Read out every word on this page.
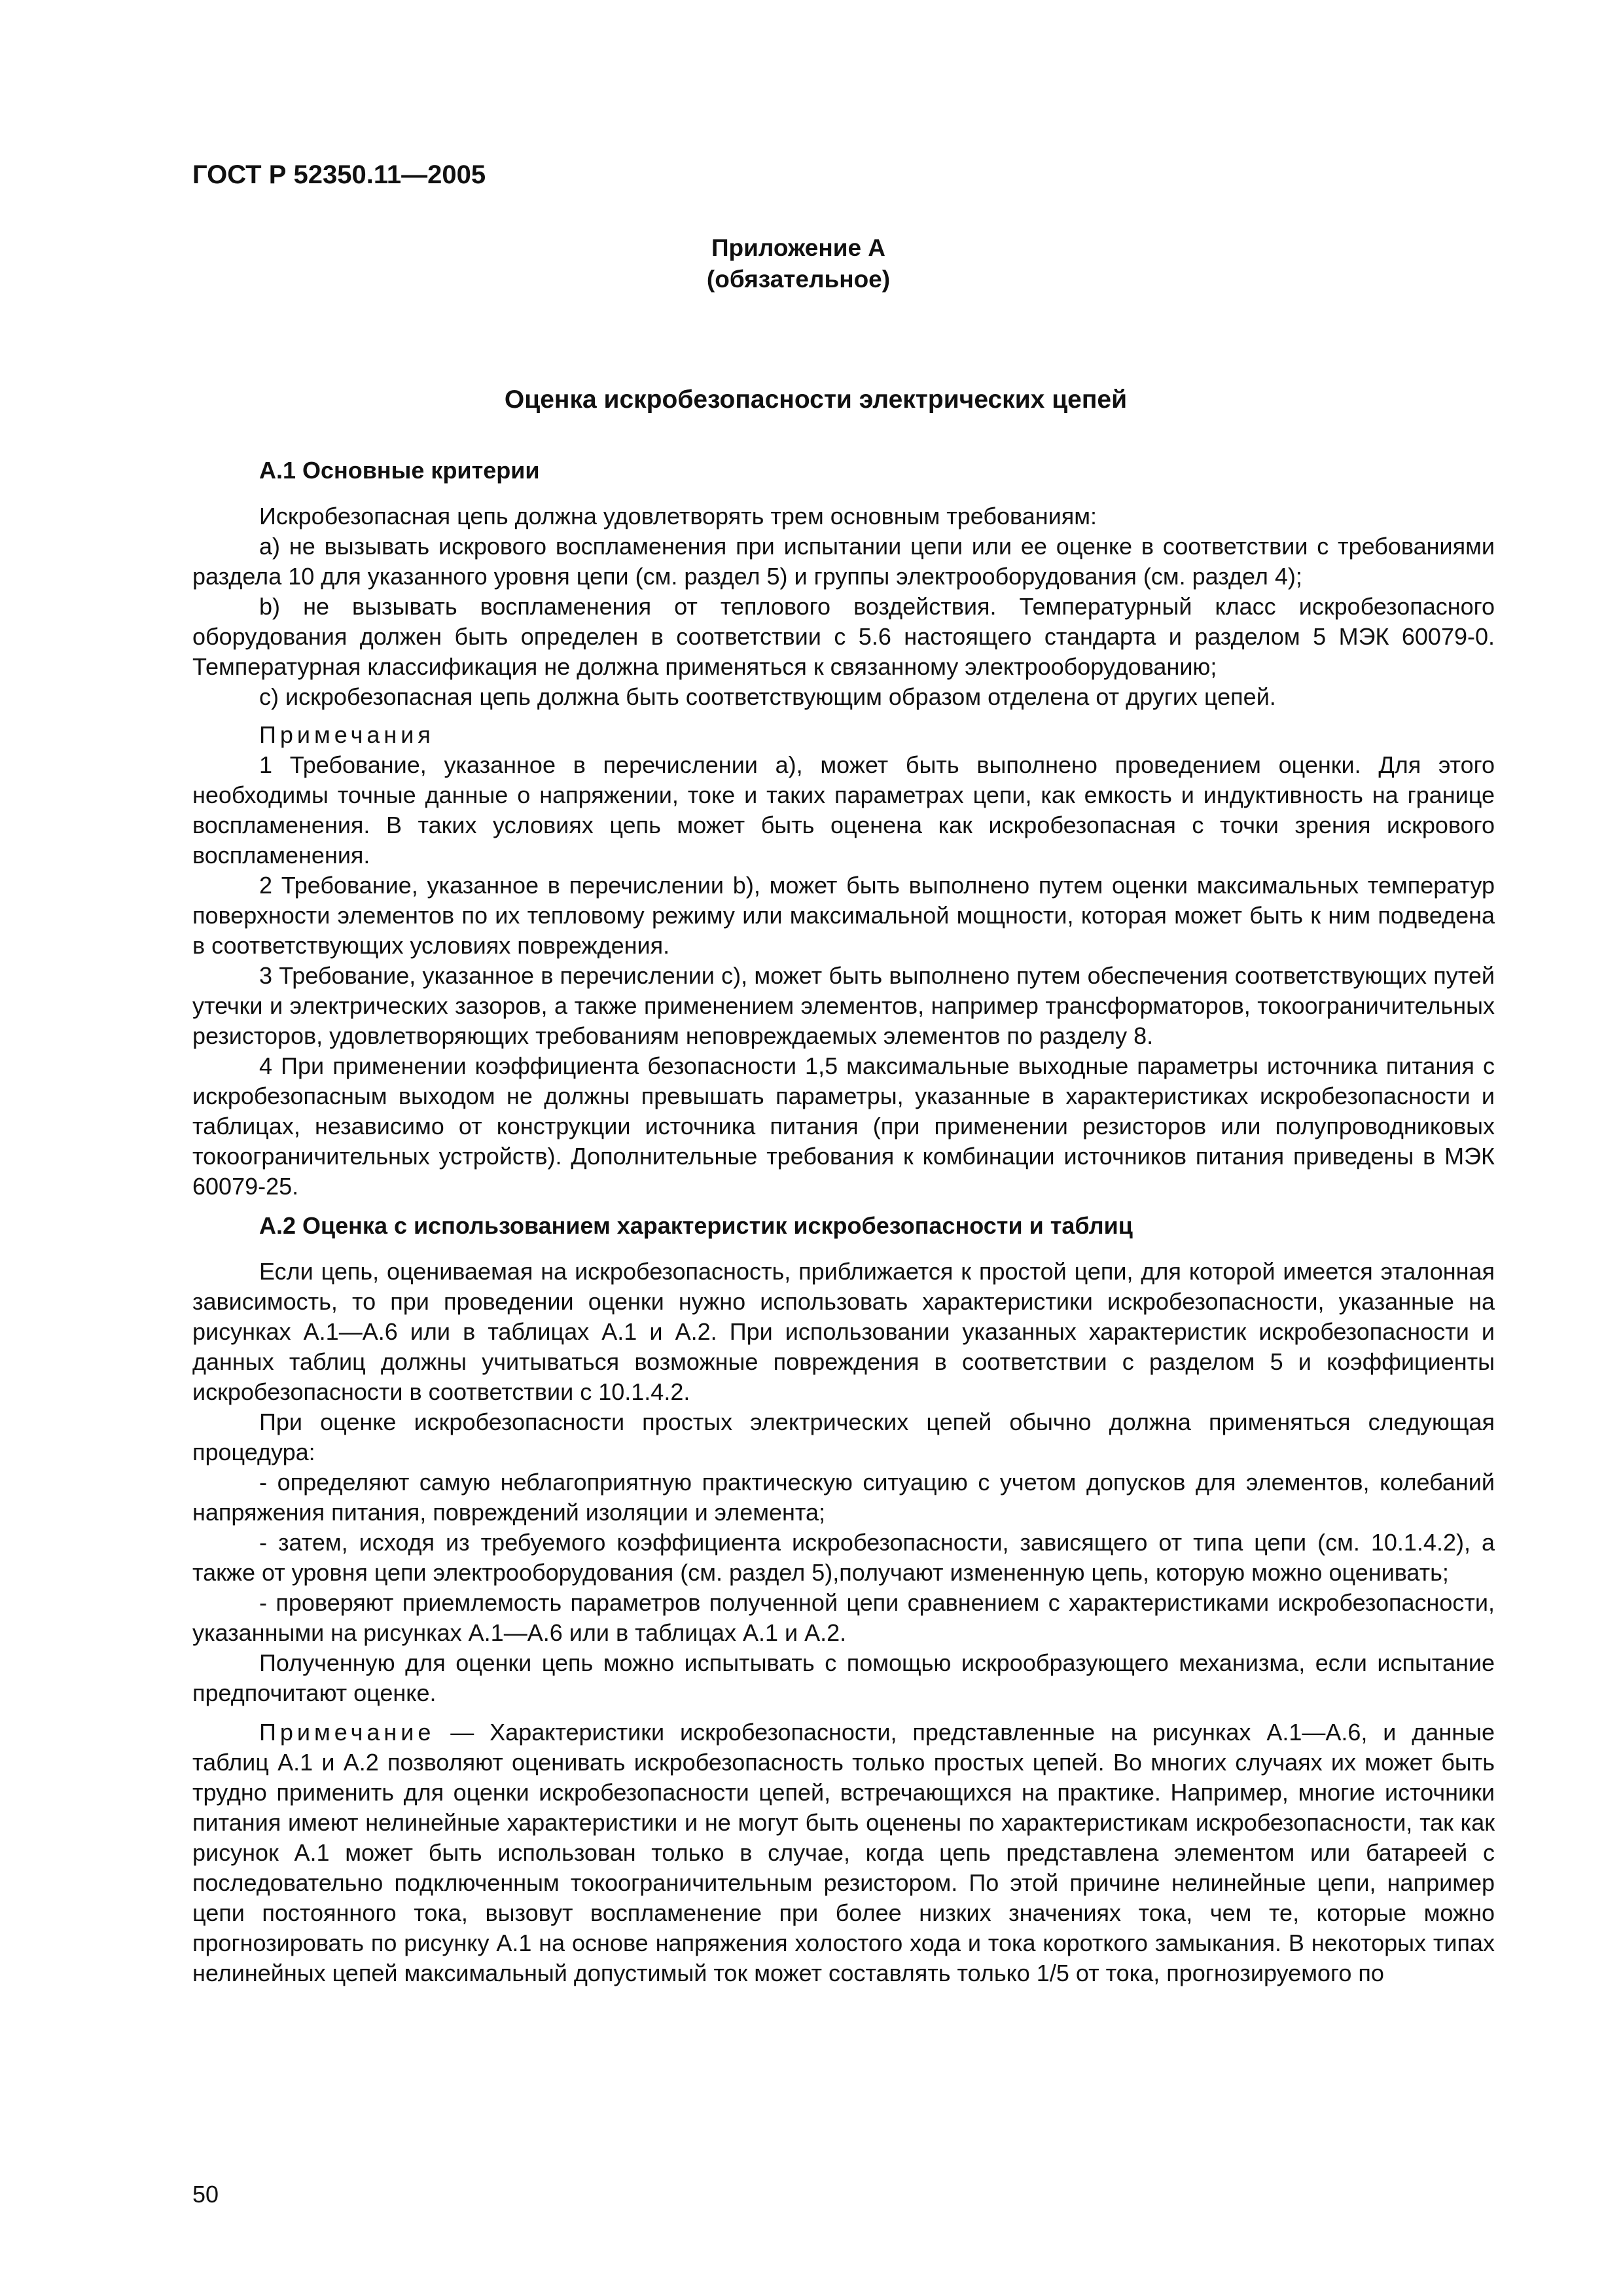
ГОСТ Р 52350.11—2005
Приложение А
(обязательное)
Оценка искробезопасности электрических цепей

А.1 Основные критерии

Искробезопасная цепь должна удовлетворять трем основным требованиям:

а) не вызывать искрового воспламенения при испытании цепи или ее оценке в соответствии с требованиями раздела 10 для указанного уровня цепи (см. раздел 5) и группы электрооборудования (см. раздел 4);

b) не вызывать воспламенения от теплового воздействия. Температурный класс искробезопасного оборудования должен быть определен в соответствии с 5.6 настоящего стандарта и разделом 5 МЭК 60079-0. Температурная классификация не должна применяться к связанному электрооборудованию;

с) искробезопасная цепь должна быть соответствующим образом отделена от других цепей.

Примечания

1 Требование, указанное в перечислении а), может быть выполнено проведением оценки. Для этого необходимы точные данные о напряжении, токе и таких параметрах цепи, как емкость и индуктивность на границе воспламенения. В таких условиях цепь может быть оценена как искробезопасная с точки зрения искрового воспламенения.

2 Требование, указанное в перечислении b), может быть выполнено путем оценки максимальных температур поверхности элементов по их тепловому режиму или максимальной мощности, которая может быть к ним подведена в соответствующих условиях повреждения.

3 Требование, указанное в перечислении с), может быть выполнено путем обеспечения соответствующих путей утечки и электрических зазоров, а также применением элементов, например трансформаторов, токоограничительных резисторов, удовлетворяющих требованиям неповреждаемых элементов по разделу 8.

4 При применении коэффициента безопасности 1,5 максимальные выходные параметры источника питания с искробезопасным выходом не должны превышать параметры, указанные в характеристиках искробезопасности и таблицах, независимо от конструкции источника питания (при применении резисторов или полупроводниковых токоограничительных устройств). Дополнительные требования к комбинации источников питания приведены в МЭК 60079-25.

А.2 Оценка с использованием характеристик искробезопасности и таблиц

Если цепь, оцениваемая на искробезопасность, приближается к простой цепи, для которой имеется эталонная зависимость, то при проведении оценки нужно использовать характеристики искробезопасности, указанные на рисунках А.1—А.6 или в таблицах А.1 и А.2. При использовании указанных характеристик искробезопасности и данных таблиц должны учитываться возможные повреждения в соответствии с разделом 5 и коэффициенты искробезопасности в соответствии с 10.1.4.2.

При оценке искробезопасности простых электрических цепей обычно должна применяться следующая процедура:

- определяют самую неблагоприятную практическую ситуацию с учетом допусков для элементов, колебаний напряжения питания, повреждений изоляции и элемента;

- затем, исходя из требуемого коэффициента искробезопасности, зависящего от типа цепи (см. 10.1.4.2), а также от уровня цепи электрооборудования (см. раздел 5),получают измененную цепь, которую можно оценивать;

- проверяют приемлемость параметров полученной цепи сравнением с характеристиками искробезопасности, указанными на рисунках А.1—А.6 или в таблицах А.1 и А.2.

Полученную для оценки цепь можно испытывать с помощью искрообразующего механизма, если испытание предпочитают оценке.

Примечание — Характеристики искробезопасности, представленные на рисунках А.1—А.6, и данные таблиц А.1 и А.2 позволяют оценивать искробезопасность только простых цепей. Во многих случаях их может быть трудно применить для оценки искробезопасности цепей, встречающихся на практике. Например, многие источники питания имеют нелинейные характеристики и не могут быть оценены по характеристикам искробезопасности, так как рисунок А.1 может быть использован только в случае, когда цепь представлена элементом или батареей с последовательно подключенным токоограничительным резистором. По этой причине нелинейные цепи, например цепи постоянного тока, вызовут воспламенение при более низких значениях тока, чем те, которые можно прогнозировать по рисунку А.1 на основе напряжения холостого хода и тока короткого замыкания. В некоторых типах нелинейных цепей максимальный допустимый ток может составлять только 1/5 от тока, прогнозируемого по

50
